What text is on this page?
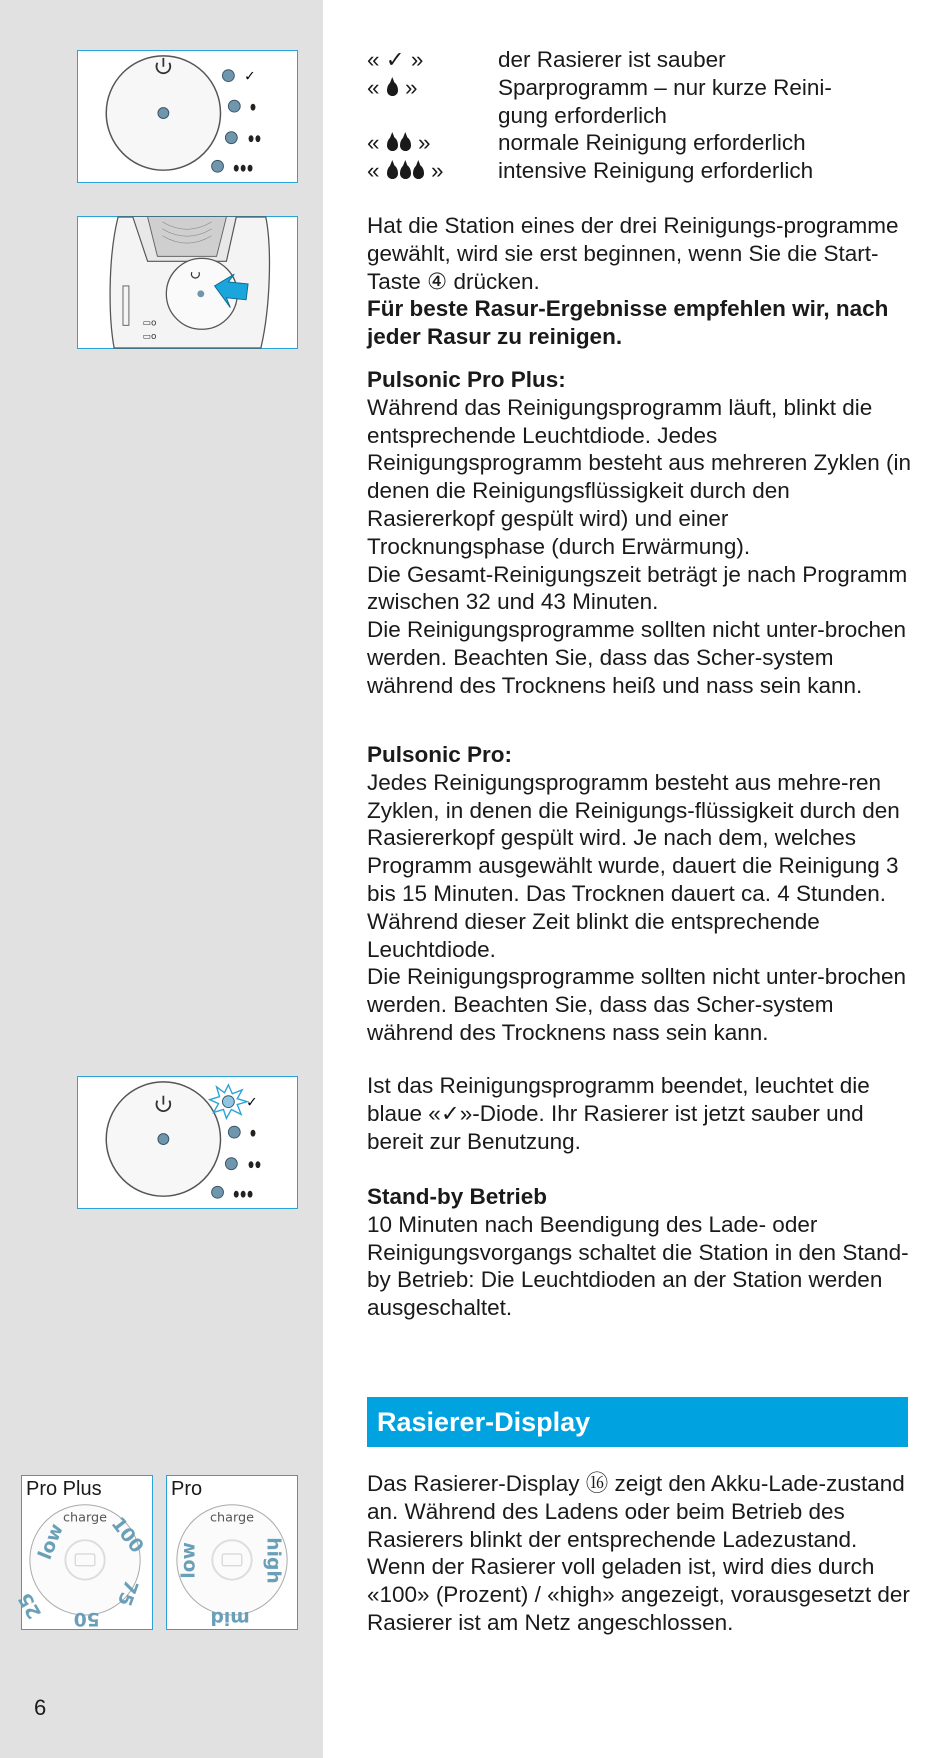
✓
▭o
▭o
✓
Pro Plus
charge
low 100
75
50
25
Pro
charge
low	high
mid
6
« ✓ »	der Rasierer ist sauber
«  »	Sparprogramm – nur kurze Reini-gung erforderlich
«  »	normale Reinigung erforderlich
«  » intensive Reinigung erforderlich

Hat die Station eines der drei Reinigungs-programme gewählt, wird sie erst beginnen, wenn Sie die Start-Taste ④ drücken.

Für beste Rasur-Ergebnisse empfehlen wir, nach jeder Rasur zu reinigen.

Pulsonic Pro Plus:

Während das Reinigungsprogramm läuft, blinkt die entsprechende Leuchtdiode. Jedes Reinigungsprogramm besteht aus mehreren Zyklen (in denen die Reinigungsflüssigkeit durch den Rasiererkopf gespült wird) und einer Trocknungsphase (durch Erwärmung).

Die Gesamt-Reinigungszeit beträgt je nach Programm zwischen 32 und 43 Minuten.

Die Reinigungsprogramme sollten nicht unter-brochen werden. Beachten Sie, dass das Scher-system während des Trocknens heiß und nass sein kann.

Pulsonic Pro:

Jedes Reinigungsprogramm besteht aus mehre-ren Zyklen, in denen die Reinigungs-flüssigkeit durch den Rasiererkopf gespült wird. Je nach dem, welches Programm ausgewählt wurde, dauert die Reinigung 3 bis 15 Minuten. Das Trocknen dauert ca. 4 Stunden. Während dieser Zeit blinkt die entsprechende Leuchtdiode.

Die Reinigungsprogramme sollten nicht unter-brochen werden. Beachten Sie, dass das Scher-system während des Trocknens nass sein kann.

Ist das Reinigungsprogramm beendet, leuchtet die blaue «✓»-Diode. Ihr Rasierer ist jetzt sauber und bereit zur Benutzung.

Stand-by Betrieb

10 Minuten nach Beendigung des Lade- oder Reinigungsvorgangs schaltet die Station in den Stand-by Betrieb: Die Leuchtdioden an der Station werden ausgeschaltet.

Rasierer-Display

Das Rasierer-Display ⑯ zeigt den Akku-Lade-zustand an. Während des Ladens oder beim Betrieb des Rasierers blinkt der entsprechende Ladezustand. Wenn der Rasierer voll geladen ist, wird dies durch «100» (Prozent) / «high» angezeigt, vorausgesetzt der Rasierer ist am Netz angeschlossen.
